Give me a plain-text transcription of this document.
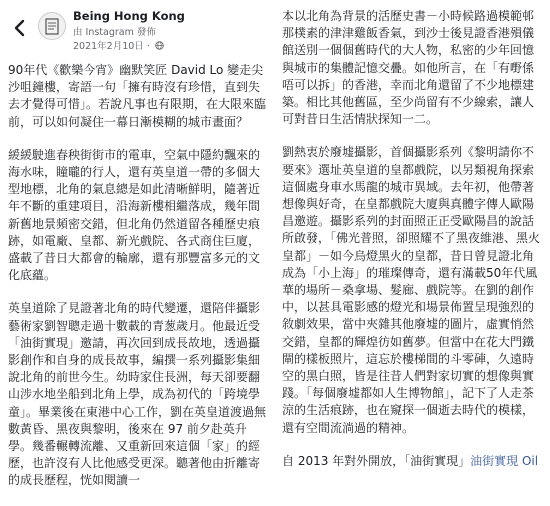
Being Hong Kong
由 Instagram 發佈
2021年2月10日 ·

90年代《歡樂今宵》幽默笑匠 David Lo 變走尖沙咀鐘樓，寄語一句「擁有時沒有珍惜，直到失去才覺得可惜」。若說凡事也有限期，在大限來臨前，可以如何凝住一幕日漸模糊的城市畫面？

緩緩駛進春秧街街市的電車，空氣中隱約飄來的海水味，瞳曨的行人，還有英皇道一帶的多個大型地標，北角的氣息總是如此清晰鮮明，隨著近年不斷的重建項目，沿海新樓相繼落成，幾年間新舊地景頻密交錯，但北角仍然道留各種歷史痕跡，如電廠、皇都、新光戲院、各式商住巨廈，盛載了昔日大都會的輪廓，還有那豐富多元的文化底蘊。

英皇道除了見證著北角的時代變遷，還陪伴攝影藝術家劉智聰走過十數載的青葱歲月。他最近受「油街實現」邀請，再次回到成長故地，透過攝影創作和自身的成長故事，編撰一系列攝影集細說北角的前世今生。幼時家住長洲，每天卻要翻山涉水地坐船到北角上學，成為初代的「跨境學童」。畢業後在東港中心工作，劉在英皇道渡過無數黃昏、黑夜與黎明，後來在 97 前夕赴英升學。幾番輾轉流離、又重新回來這個「家」的經歷，也許沒有人比他感受更深。聽著他由折離寄的成長歷程，恍如閱讀一

本以北角為背景的活歷史書－小時候路過模範邨那樸素的津津雞飯香氣，到沙士後見證香港殞儀館送別一個個舊時代的大人物，私密的少年回憶與城市的集體記憶交疊。如他所言，在「有嘢係唔可以拆」的香港，幸而北角還留了不少地標建築。相比其他舊區，至少尚留有不少線索，讓人可對昔日生活情狀探知一二。

劉熱衷於廢墟攝影，首個攝影系列《黎明請你不要來》選址英皇道的皇都戲院，以另類視角探索這個處身車水馬龍的城市異域。去年初，他帶著想像與好奇，在皇都戲院大廈與真體字傳人歐陽昌邀遊。攝影系列的封面照正正受歐陽昌的說話所啟發，「佛光普照，卻照耀不了黑夜維港、黑火皇都」－如今烏燈黑火的皇都，昔日曾見證北角成為「小上海」的璀璨傳奇，還有滿載50年代風華的場所－桑拿場、髮廊、戲院等。在劉的創作中，以甚具電影感的燈光和場景佈置呈現強烈的敘劇效果，當中夾雜其他廢墟的圖片，虛實悄然交錯，皇都的輝煌彷如舊夢。但當中在花大門鐵閘的樣板照片，這忘於樓梯間的斗零硨，久遠時空的黑白照，皆是往昔人們對家切實的想像與實踐。「每個廢墟都如人生博物館」，記下了人走茶涼的生活痕跡，也在窺探一個逝去時代的模樣，還有空間流淌過的精神。

自 2013 年對外開放，「油街實現」油街實現 Oil
